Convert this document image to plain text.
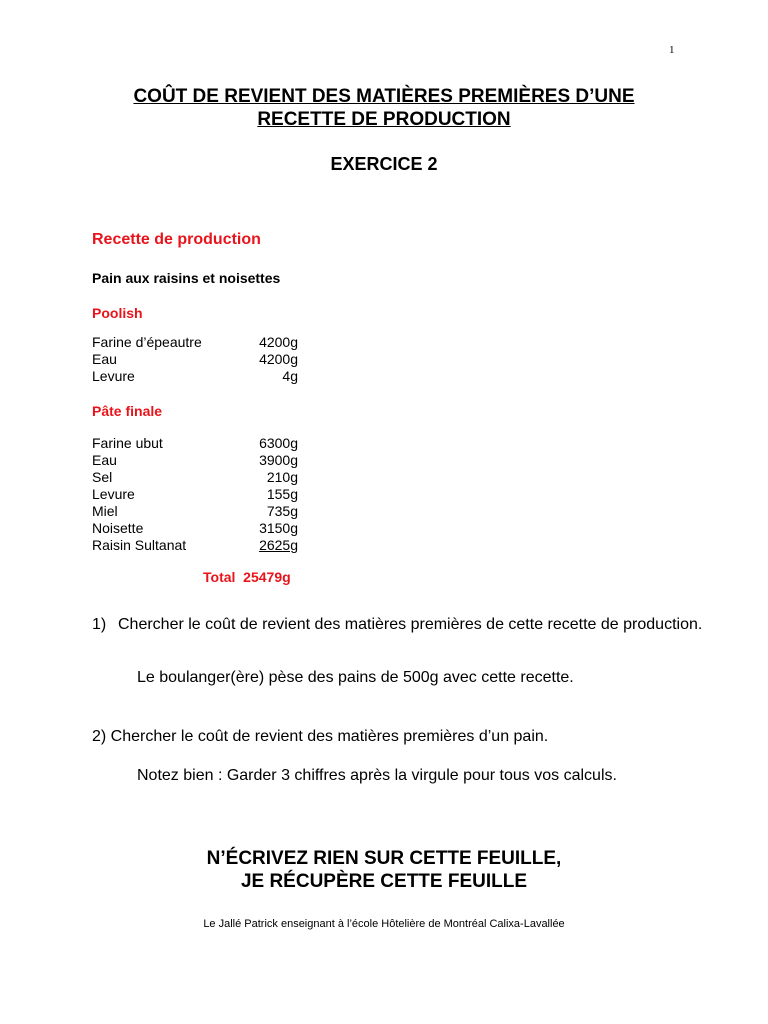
1
COÛT DE REVIENT DES MATIÈRES PREMIÈRES D’UNE
RECETTE DE PRODUCTION
EXERCICE 2
Recette de production
Pain aux raisins et noisettes
Poolish
Farine d’épeautre	4200g
Eau	4200g
Levure	4g
Pâte finale
Farine ubut	6300g
Eau	3900g
Sel	210g
Levure	155g
Miel	735g
Noisette	3150g
Raisin Sultanat	2625g
Total  25479g
1) Chercher le coût de revient des matières premières de cette recette de production.
Le boulanger(ère) pèse des pains de 500g avec cette recette.
2) Chercher le coût de revient des matières premières d’un pain.
Notez bien : Garder 3 chiffres après la virgule pour tous vos calculs.
N’ÉCRIVEZ RIEN SUR CETTE FEUILLE,
JE RÉCUPÈRE CETTE FEUILLE
Le Jallé Patrick enseignant à l’école Hôtelière de Montréal Calixa-Lavallée
